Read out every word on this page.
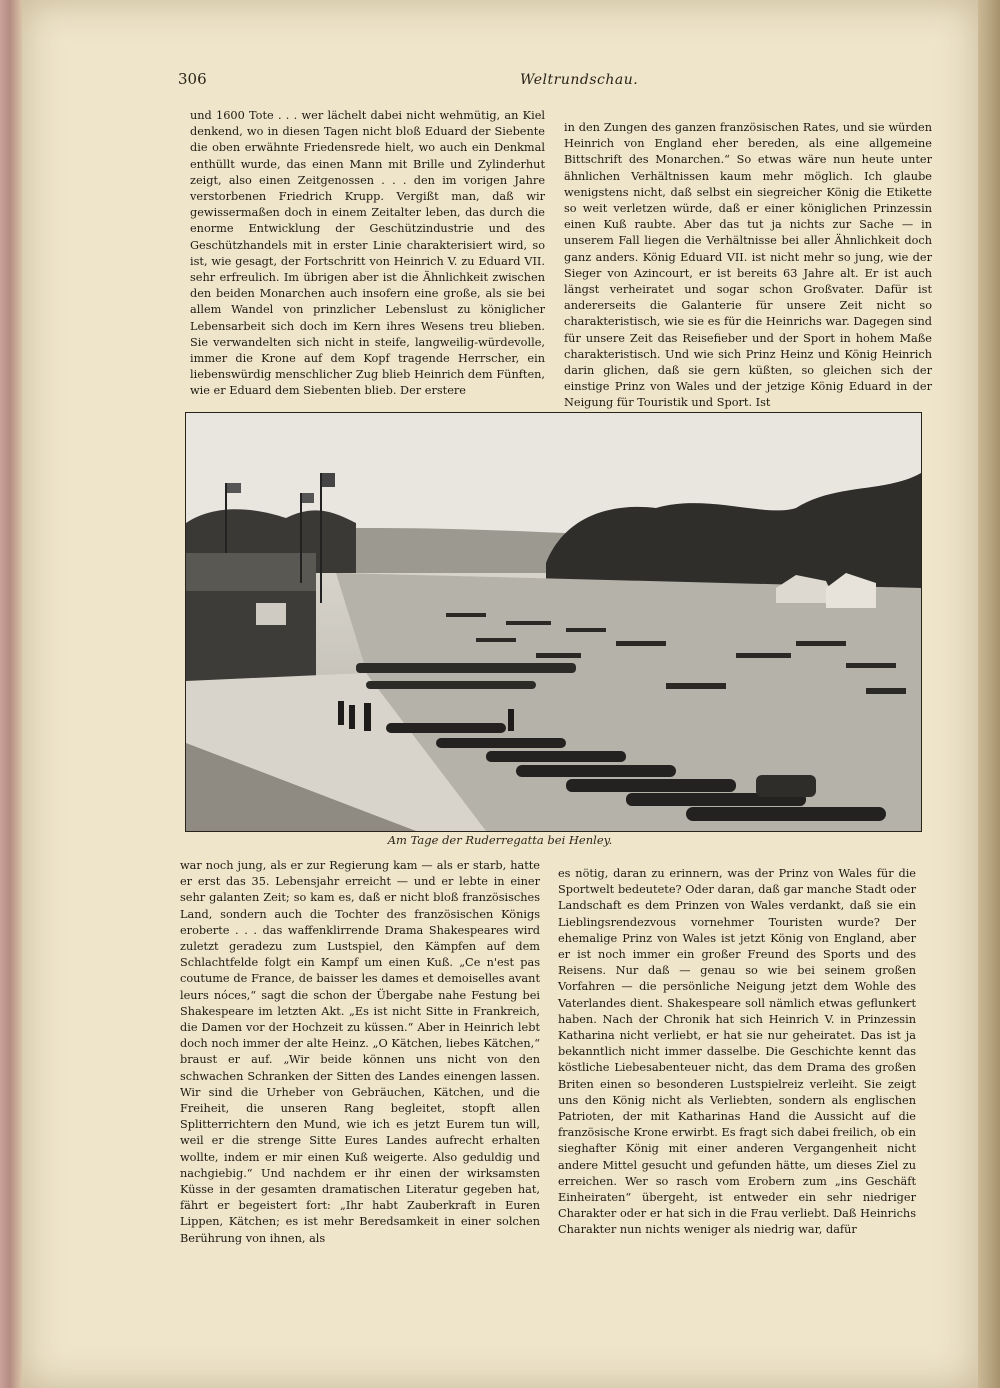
306	Weltrundschau.

und 1600 Tote . . . wer lächelt dabei nicht wehmütig, an Kiel denkend, wo in diesen Tagen nicht bloß Eduard der Siebente die oben erwähnte Friedensrede hielt, wo auch ein Denkmal enthüllt wurde, das einen Mann mit Brille und Zylinderhut zeigt, also einen Zeitgenossen . . . den im vorigen Jahre verstorbenen Friedrich Krupp. Vergißt man, daß wir gewissermaßen doch in einem Zeitalter leben, das durch die enorme Entwicklung der Geschützindustrie und des Geschützhandels mit in erster Linie charakterisiert wird, so ist, wie gesagt, der Fortschritt von Heinrich V. zu Eduard VII. sehr erfreulich. Im übrigen aber ist die Ähnlichkeit zwischen den beiden Monarchen auch insofern eine große, als sie bei allem Wandel von prinzlicher Lebenslust zu königlicher Lebensarbeit sich doch im Kern ihres Wesens treu blieben. Sie verwandelten sich nicht in steife, langweilig-würdevolle, immer die Krone auf dem Kopf tragende Herrscher, ein liebenswürdig menschlicher Zug blieb Heinrich dem Fünften, wie er Eduard dem Siebenten blieb. Der erstere

in den Zungen des ganzen französischen Rates, und sie würden Heinrich von England eher bereden, als eine allgemeine Bittschrift des Monarchen.“ So etwas wäre nun heute unter ähnlichen Verhältnissen kaum mehr möglich. Ich glaube wenigstens nicht, daß selbst ein siegreicher König die Etikette so weit verletzen würde, daß er einer königlichen Prinzessin einen Kuß raubte. Aber das tut ja nichts zur Sache — in unserem Fall liegen die Verhältnisse bei aller Ähnlichkeit doch ganz anders. König Eduard VII. ist nicht mehr so jung, wie der Sieger von Azincourt, er ist bereits 63 Jahre alt. Er ist auch längst verheiratet und sogar schon Großvater. Dafür ist andererseits die Galanterie für unsere Zeit nicht so charakteristisch, wie sie es für die Heinrichs war. Dagegen sind für unsere Zeit das Reisefieber und der Sport in hohem Maße charakteristisch. Und wie sich Prinz Heinz und König Heinrich darin glichen, daß sie gern küßten, so gleichen sich der einstige Prinz von Wales und der jetzige König Eduard in der Neigung für Touristik und Sport. Ist

Am Tage der Ruderregatta bei Henley.

war noch jung, als er zur Regierung kam — als er starb, hatte er erst das 35. Lebensjahr erreicht — und er lebte in einer sehr galanten Zeit; so kam es, daß er nicht bloß französisches Land, sondern auch die Tochter des französischen Königs eroberte . . . das waffenklirrende Drama Shakespeares wird zuletzt geradezu zum Lustspiel, den Kämpfen auf dem Schlachtfelde folgt ein Kampf um einen Kuß. „Ce n'est pas coutume de France, de baisser les dames et demoiselles avant leurs nóces,“ sagt die schon der Übergabe nahe Festung bei Shakespeare im letzten Akt. „Es ist nicht Sitte in Frankreich, die Damen vor der Hochzeit zu küssen.“ Aber in Heinrich lebt doch noch immer der alte Heinz. „O Kätchen, liebes Kätchen,“ braust er auf. „Wir beide können uns nicht von den schwachen Schranken der Sitten des Landes einengen lassen. Wir sind die Urheber von Gebräuchen, Kätchen, und die Freiheit, die unseren Rang begleitet, stopft allen Splitterrichtern den Mund, wie ich es jetzt Eurem tun will, weil er die strenge Sitte Eures Landes aufrecht erhalten wollte, indem er mir einen Kuß weigerte. Also geduldig und nachgiebig.“ Und nachdem er ihr einen der wirksamsten Küsse in der gesamten dramatischen Literatur gegeben hat, fährt er begeistert fort: „Ihr habt Zauberkraft in Euren Lippen, Kätchen; es ist mehr Beredsamkeit in einer solchen Berührung von ihnen, als

es nötig, daran zu erinnern, was der Prinz von Wales für die Sportwelt bedeutete? Oder daran, daß gar manche Stadt oder Landschaft es dem Prinzen von Wales verdankt, daß sie ein Lieblingsrendezvous vornehmer Touristen wurde? Der ehemalige Prinz von Wales ist jetzt König von England, aber er ist noch immer ein großer Freund des Sports und des Reisens. Nur daß — genau so wie bei seinem großen Vorfahren — die persönliche Neigung jetzt dem Wohle des Vaterlandes dient. Shakespeare soll nämlich etwas geflunkert haben. Nach der Chronik hat sich Heinrich V. in Prinzessin Katharina nicht verliebt, er hat sie nur geheiratet. Das ist ja bekanntlich nicht immer dasselbe. Die Geschichte kennt das köstliche Liebesabenteuer nicht, das dem Drama des großen Briten einen so besonderen Lustspielreiz verleiht. Sie zeigt uns den König nicht als Verliebten, sondern als englischen Patrioten, der mit Katharinas Hand die Aussicht auf die französische Krone erwirbt. Es fragt sich dabei freilich, ob ein sieghafter König mit einer anderen Vergangenheit nicht andere Mittel gesucht und gefunden hätte, um dieses Ziel zu erreichen. Wer so rasch vom Erobern zum „ins Geschäft Einheiraten“ übergeht, ist entweder ein sehr niedriger Charakter oder er hat sich in die Frau verliebt. Daß Heinrichs Charakter nun nichts weniger als niedrig war, dafür
